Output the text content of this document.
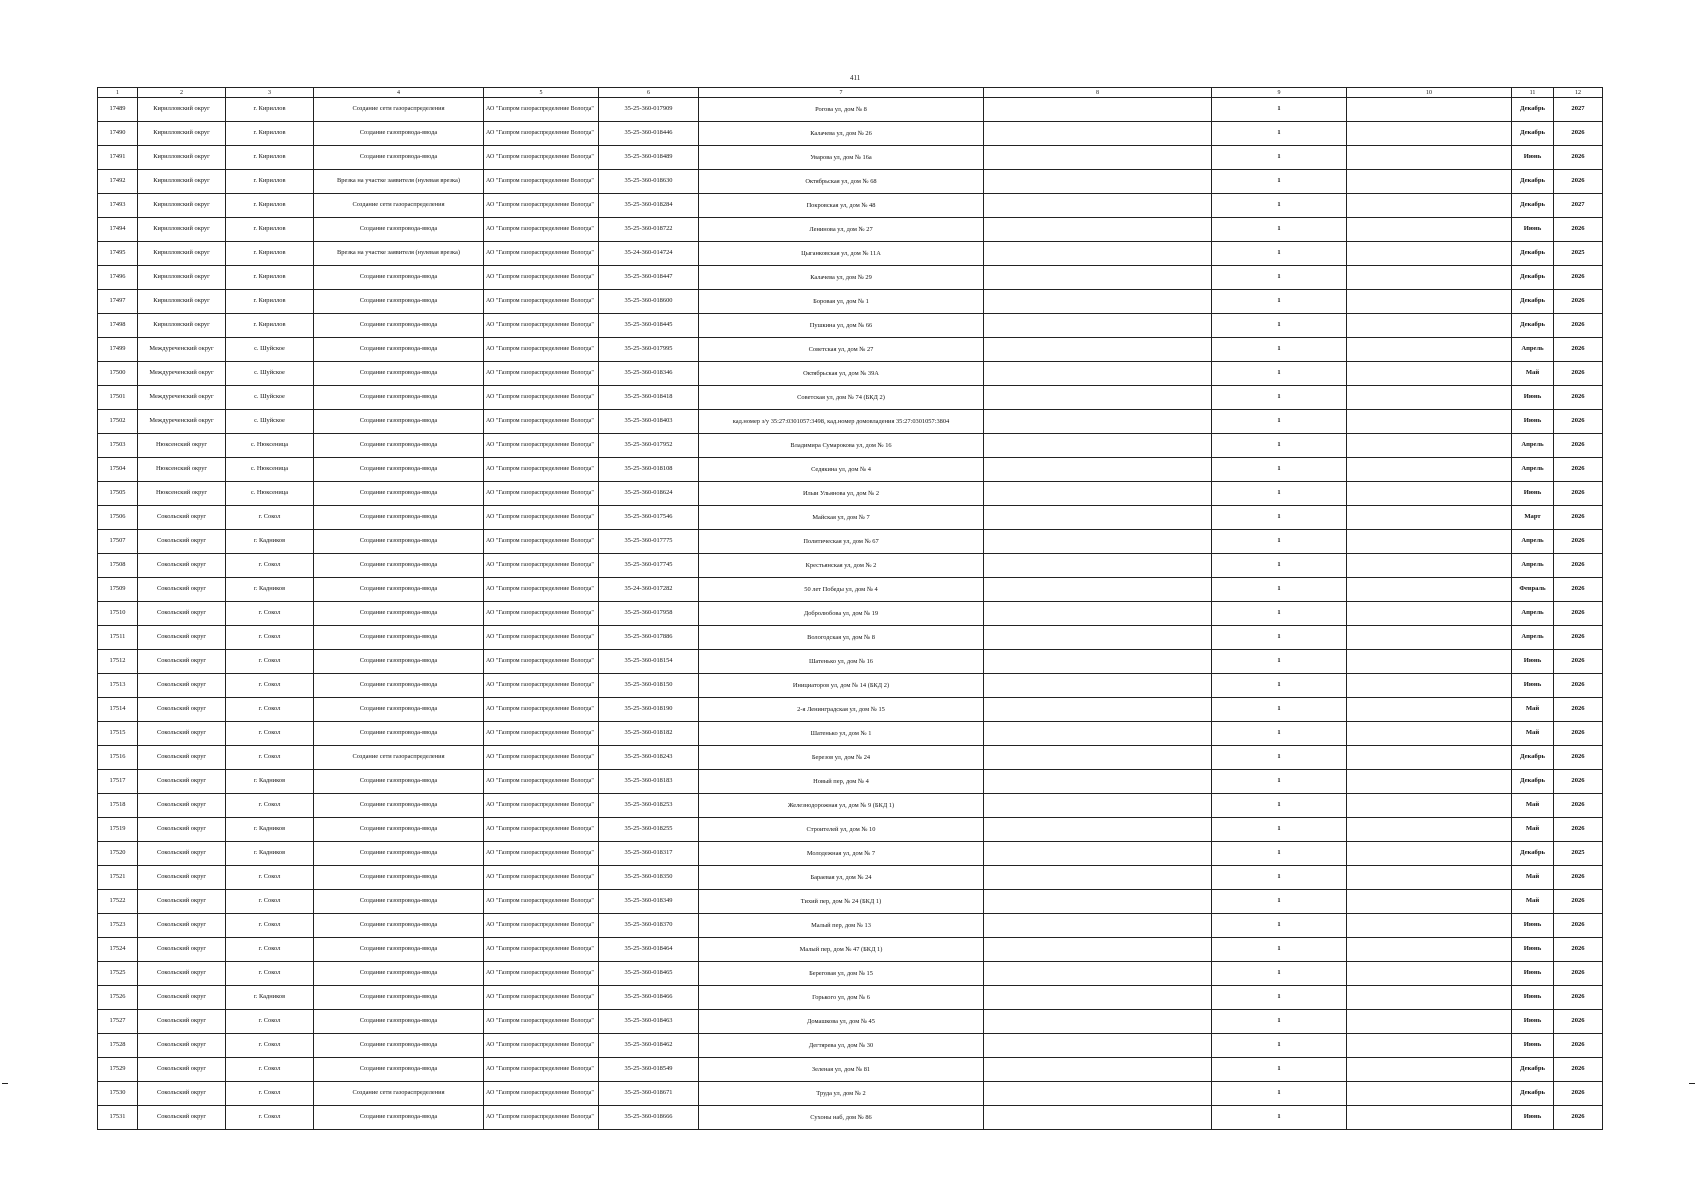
411
1	2	3	4	5	6	7	8	9	10	11	12
17489	Кирилловский округ	г. Кириллов	Создание сети газораспределения	АО "Газпром газораспределение Вологда"	35-25-360-017909	Рогова ул, дом № 8		1		Декабрь	2027
17490	Кирилловский округ	г. Кириллов	Создание газопровода-ввода	АО "Газпром газораспределение Вологда"	35-25-360-018446	Калачева ул, дом № 26		1		Декабрь	2026
17491	Кирилловский округ	г. Кириллов	Создание газопровода-ввода	АО "Газпром газораспределение Вологда"	35-25-360-018489	Уварова ул, дом № 16а		1		Июнь	2026
17492	Кирилловский округ	г. Кириллов	Врезка на участке заявителя (нулевая врезка)	АО "Газпром газораспределение Вологда"	35-25-360-018630	Октябрьская ул, дом № 68		1		Декабрь	2026
17493	Кирилловский округ	г. Кириллов	Создание сети газораспределения	АО "Газпром газораспределение Вологда"	35-25-360-018284	Покровская ул, дом № 48		1		Декабрь	2027
17494	Кирилловский округ	г. Кириллов	Создание газопровода-ввода	АО "Газпром газораспределение Вологда"	35-25-360-018722	Ленинова ул, дом № 27		1		Июнь	2026
17495	Кирилловский округ	г. Кириллов	Врезка на участке заявителя (нулевая врезка)	АО "Газпром газораспределение Вологда"	35-24-360-014724	Цыганковская ул, дом № 11А		1		Декабрь	2025
17496	Кирилловский округ	г. Кириллов	Создание газопровода-ввода	АО "Газпром газораспределение Вологда"	35-25-360-018447	Калачева ул, дом № 29		1		Декабрь	2026
17497	Кирилловский округ	г. Кириллов	Создание газопровода-ввода	АО "Газпром газораспределение Вологда"	35-25-360-018600	Боровая ул, дом № 1		1		Декабрь	2026
17498	Кирилловский округ	г. Кириллов	Создание газопровода-ввода	АО "Газпром газораспределение Вологда"	35-25-360-018445	Пушкина ул, дом № 66		1		Декабрь	2026
17499	Междуреченский округ	с. Шуйское	Создание газопровода-ввода	АО "Газпром газораспределение Вологда"	35-25-360-017995	Советская ул, дом № 27		1		Апрель	2026
17500	Междуреченский округ	с. Шуйское	Создание газопровода-ввода	АО "Газпром газораспределение Вологда"	35-25-360-018346	Октябрьская ул, дом № 39А		1		Май	2026
17501	Междуреченский округ	с. Шуйское	Создание газопровода-ввода	АО "Газпром газораспределение Вологда"	35-25-360-018418	Советская ул, дом № 74 (БКД 2)		1		Июнь	2026
17502	Междуреченский округ	с. Шуйское	Создание газопровода-ввода	АО "Газпром газораспределение Вологда"	35-25-360-018403	кад.номер з/у 35:27:0301057:3498, кад.номер домовладения 35:27:0301057:3804		1		Июнь	2026
17503	Нюксенский округ	с. Нюксеница	Создание газопровода-ввода	АО "Газпром газораспределение Вологда"	35-25-360-017952	Владимира Сумарокова ул, дом № 16		1		Апрель	2026
17504	Нюксенский округ	с. Нюксеница	Создание газопровода-ввода	АО "Газпром газораспределение Вологда"	35-25-360-018108	Седякина ул, дом № 4		1		Апрель	2026
17505	Нюксенский округ	с. Нюксеница	Создание газопровода-ввода	АО "Газпром газораспределение Вологда"	35-25-360-018624	Илыи Ульянова ул, дом № 2		1		Июнь	2026
17506	Сокольский округ	г. Сокол	Создание газопровода-ввода	АО "Газпром газораспределение Вологда"	35-25-360-017546	Майская ул, дом № 7		1		Март	2026
17507	Сокольский округ	г. Кадников	Создание газопровода-ввода	АО "Газпром газораспределение Вологда"	35-25-360-017775	Политическая ул, дом № 67		1		Апрель	2026
17508	Сокольский округ	г. Сокол	Создание газопровода-ввода	АО "Газпром газораспределение Вологда"	35-25-360-017745	Крестьянская ул, дом № 2		1		Апрель	2026
17509	Сокольский округ	г. Кадников	Создание газопровода-ввода	АО "Газпром газораспределение Вологда"	35-24-360-017282	50 лет Победы ул, дом № 4		1		Февраль	2026
17510	Сокольский округ	г. Сокол	Создание газопровода-ввода	АО "Газпром газораспределение Вологда"	35-25-360-017958	Добролюбова ул, дом № 19		1		Апрель	2026
17511	Сокольский округ	г. Сокол	Создание газопровода-ввода	АО "Газпром газораспределение Вологда"	35-25-360-017886	Вологодская ул, дом № 8		1		Апрель	2026
17512	Сокольский округ	г. Сокол	Создание газопровода-ввода	АО "Газпром газораспределение Вологда"	35-25-360-018154	Шатенько ул, дом № 16		1		Июнь	2026
17513	Сокольский округ	г. Сокол	Создание газопровода-ввода	АО "Газпром газораспределение Вологда"	35-25-360-018150	Инициаторов ул, дом № 14 (БКД 2)		1		Июнь	2026
17514	Сокольский округ	г. Сокол	Создание газопровода-ввода	АО "Газпром газораспределение Вологда"	35-25-360-018190	2-я Ленинградская ул, дом № 15		1		Май	2026
17515	Сокольский округ	г. Сокол	Создание газопровода-ввода	АО "Газпром газораспределение Вологда"	35-25-360-018182	Шатенько ул, дом № 1		1		Май	2026
17516	Сокольский округ	г. Сокол	Создание сети газораспределения	АО "Газпром газораспределение Вологда"	35-25-360-018243	Березов ул, дом № 24		1		Декабрь	2026
17517	Сокольский округ	г. Кадников	Создание газопровода-ввода	АО "Газпром газораспределение Вологда"	35-25-360-018183	Новый пер, дом № 4		1		Декабрь	2026
17518	Сокольский округ	г. Сокол	Создание газопровода-ввода	АО "Газпром газораспределение Вологда"	35-25-360-018253	Железнодорожная ул, дом № 9 (БКД 1)		1		Май	2026
17519	Сокольский округ	г. Кадников	Создание газопровода-ввода	АО "Газпром газораспределение Вологда"	35-25-360-018255	Строителей ул, дом № 10		1		Май	2026
17520	Сокольский округ	г. Кадников	Создание газопровода-ввода	АО "Газпром газораспределение Вологда"	35-25-360-018317	Молодежная ул, дом № 7		1		Декабрь	2025
17521	Сокольский округ	г. Сокол	Создание газопровода-ввода	АО "Газпром газораспределение Вологда"	35-25-360-018350	Бараевая ул, дом № 24		1		Май	2026
17522	Сокольский округ	г. Сокол	Создание газопровода-ввода	АО "Газпром газораспределение Вологда"	35-25-360-018349	Тихий пер, дом № 24 (БКД 1)		1		Май	2026
17523	Сокольский округ	г. Сокол	Создание газопровода-ввода	АО "Газпром газораспределение Вологда"	35-25-360-018370	Малый пер, дом № 13		1		Июнь	2026
17524	Сокольский округ	г. Сокол	Создание газопровода-ввода	АО "Газпром газораспределение Вологда"	35-25-360-018464	Малый пер, дом № 47 (БКД 1)		1		Июнь	2026
17525	Сокольский округ	г. Сокол	Создание газопровода-ввода	АО "Газпром газораспределение Вологда"	35-25-360-018465	Береговая ул, дом № 15		1		Июнь	2026
17526	Сокольский округ	г. Кадников	Создание газопровода-ввода	АО "Газпром газораспределение Вологда"	35-25-360-018466	Горького ул, дом № 6		1		Июнь	2026
17527	Сокольский округ	г. Сокол	Создание газопровода-ввода	АО "Газпром газораспределение Вологда"	35-25-360-018463	Домашкова ул, дом № 45		1		Июнь	2026
17528	Сокольский округ	г. Сокол	Создание газопровода-ввода	АО "Газпром газораспределение Вологда"	35-25-360-018462	Дегтярева ул, дом № 30		1		Июнь	2026
17529	Сокольский округ	г. Сокол	Создание газопровода-ввода	АО "Газпром газораспределение Вологда"	35-25-360-018549	Зеленая ул, дом № 81		1		Декабрь	2026
17530	Сокольский округ	г. Сокол	Создание сети газораспределения	АО "Газпром газораспределение Вологда"	35-25-360-018671	Труда ул, дом № 2		1		Декабрь	2026
17531	Сокольский округ	г. Сокол	Создание газопровода-ввода	АО "Газпром газораспределение Вологда"	35-25-360-018666	Сухоны наб, дом № 86		1		Июнь	2026
